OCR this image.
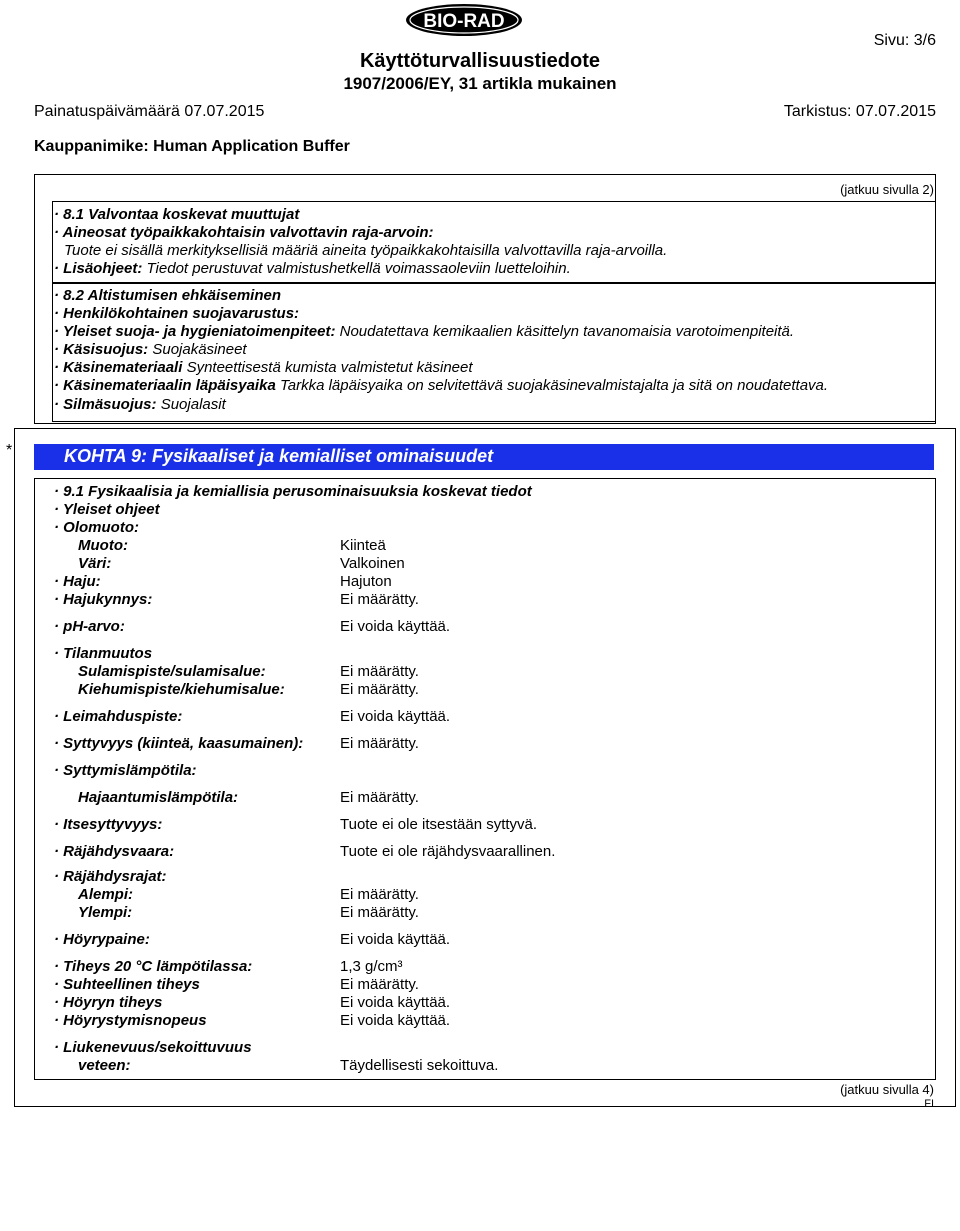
BIO-RAD
Sivu: 3/6
Käyttöturvallisuustiedote
1907/2006/EY, 31 artikla mukainen
Painatuspäivämäärä 07.07.2015	Tarkistus: 07.07.2015
Kauppanimike: Human Application Buffer
(jatkuu sivulla 2)
· 8.1 Valvontaa koskevat muuttujat
· Aineosat työpaikkakohtaisin valvottavin raja-arvoin:
Tuote ei sisällä merkityksellisiä määriä aineita työpaikkakohtaisilla valvottavilla raja-arvoilla.
· Lisäohjeet: Tiedot perustuvat valmistushetkellä voimassaoleviin luetteloihin.
· 8.2 Altistumisen ehkäiseminen
· Henkilökohtainen suojavarustus:
· Yleiset suoja- ja hygieniatoimenpiteet: Noudatettava kemikaalien käsittelyn tavanomaisia varotoimenpiteitä.
· Käsisuojus: Suojakäsineet
· Käsinemateriaali Synteettisestä kumista valmistetut käsineet
· Käsinemateriaalin läpäisyaika Tarkka läpäisyaika on selvitettävä suojakäsinevalmistajalta ja sitä on noudatettava.
· Silmäsuojus: Suojalasit
*	KOHTA 9: Fysikaaliset ja kemialliset ominaisuudet
· 9.1 Fysikaalisia ja kemiallisia perusominaisuuksia koskevat tiedot
· Yleiset ohjeet
· Olomuoto:
Muoto:	Kiinteä
Väri:	Valkoinen
· Haju:	Hajuton
· Hajukynnys:	Ei määrätty.
· pH-arvo:	Ei voida käyttää.
· Tilanmuutos
Sulamispiste/sulamisalue:	Ei määrätty.
Kiehumispiste/kiehumisalue:	Ei määrätty.
· Leimahduspiste:	Ei voida käyttää.
· Syttyvyys (kiinteä, kaasumainen): Ei määrätty.
· Syttymislämpötila:
Hajaantumislämpötila:	Ei määrätty.
· Itsesyttyvyys:	Tuote ei ole itsestään syttyvä.
· Räjähdysvaara:	Tuote ei ole räjähdysvaarallinen.
· Räjähdysrajat:
Alempi:	Ei määrätty.
Ylempi:	Ei määrätty.
· Höyrypaine:	Ei voida käyttää.
· Tiheys 20 °C lämpötilassa:	1,3 g/cm³
· Suhteellinen tiheys	Ei määrätty.
· Höyryn tiheys	Ei voida käyttää.
· Höyrystymisnopeus	Ei voida käyttää.
· Liukenevuus/sekoittuvuus
veteen:	Täydellisesti sekoittuva.
(jatkuu sivulla 4)
FI
